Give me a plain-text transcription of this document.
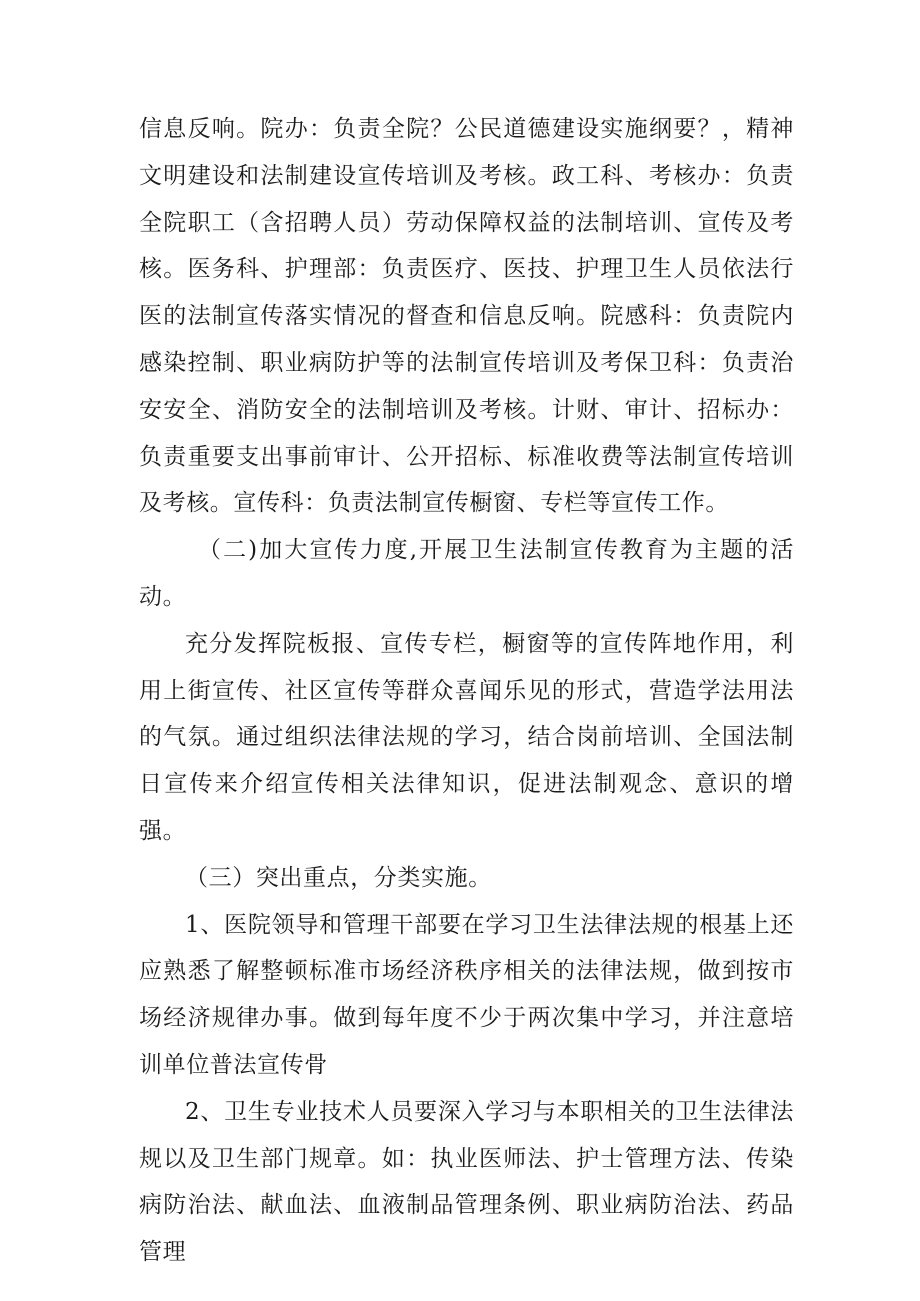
信息反响。院办：负责全院？公民道德建设实施纲要？，精神文明建设和法制建设宣传培训及考核。政工科、考核办：负责全院职工（含招聘人员）劳动保障权益的法制培训、宣传及考核。医务科、护理部：负责医疗、医技、护理卫生人员依法行医的法制宣传落实情况的督查和信息反响。院感科：负责院内感染控制、职业病防护等的法制宣传培训及考保卫科：负责治安安全、消防安全的法制培训及考核。计财、审计、招标办：负责重要支出事前审计、公开招标、标准收费等法制宣传培训及考核。宣传科：负责法制宣传橱窗、专栏等宣传工作。

（二)加大宣传力度,开展卫生法制宣传教育为主题的活动。

充分发挥院板报、宣传专栏，橱窗等的宣传阵地作用，利用上街宣传、社区宣传等群众喜闻乐见的形式，营造学法用法的气氛。通过组织法律法规的学习，结合岗前培训、全国法制日宣传来介绍宣传相关法律知识，促进法制观念、意识的增强。

（三）突出重点，分类实施。

1、医院领导和管理干部要在学习卫生法律法规的根基上还应熟悉了解整顿标准市场经济秩序相关的法律法规，做到按市场经济规律办事。做到每年度不少于两次集中学习，并注意培训单位普法宣传骨

2、卫生专业技术人员要深入学习与本职相关的卫生法律法规以及卫生部门规章。如：执业医师法、护士管理方法、传染病防治法、献血法、血液制品管理条例、职业病防治法、药品管理
